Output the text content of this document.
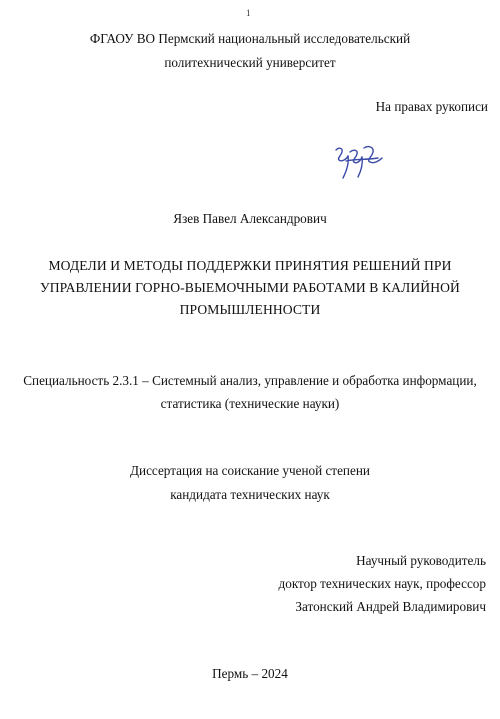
1
ФГАОУ ВО Пермский национальный исследовательский
политехнический университет
На правах рукописи
Язев Павел Александрович
МОДЕЛИ И МЕТОДЫ ПОДДЕРЖКИ ПРИНЯТИЯ РЕШЕНИЙ ПРИ
УПРАВЛЕНИИ ГОРНО-ВЫЕМОЧНЫМИ РАБОТАМИ В КАЛИЙНОЙ
ПРОМЫШЛЕННОСТИ
Специальность 2.3.1 – Системный анализ, управление и обработка информации,
статистика (технические науки)
Диссертация на соискание ученой степени
кандидата технических наук
Научный руководитель
доктор технических наук, профессор
Затонский Андрей Владимирович
Пермь – 2024
